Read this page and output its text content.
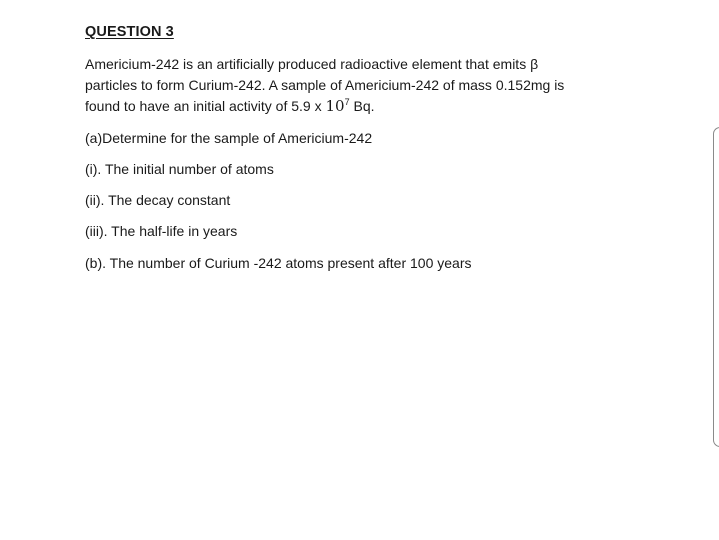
QUESTION 3
Americium-242 is an artificially produced radioactive element that emits β
particles to form Curium-242. A sample of Americium-242 of mass 0.152mg is
found to have an initial activity of 5.9 x $10^7$ Bq.
(a)Determine for the sample of Americium-242
(i). The initial number of atoms
(ii). The decay constant
(iii). The half-life in years
(b). The number of Curium -242 atoms present after 100 years
